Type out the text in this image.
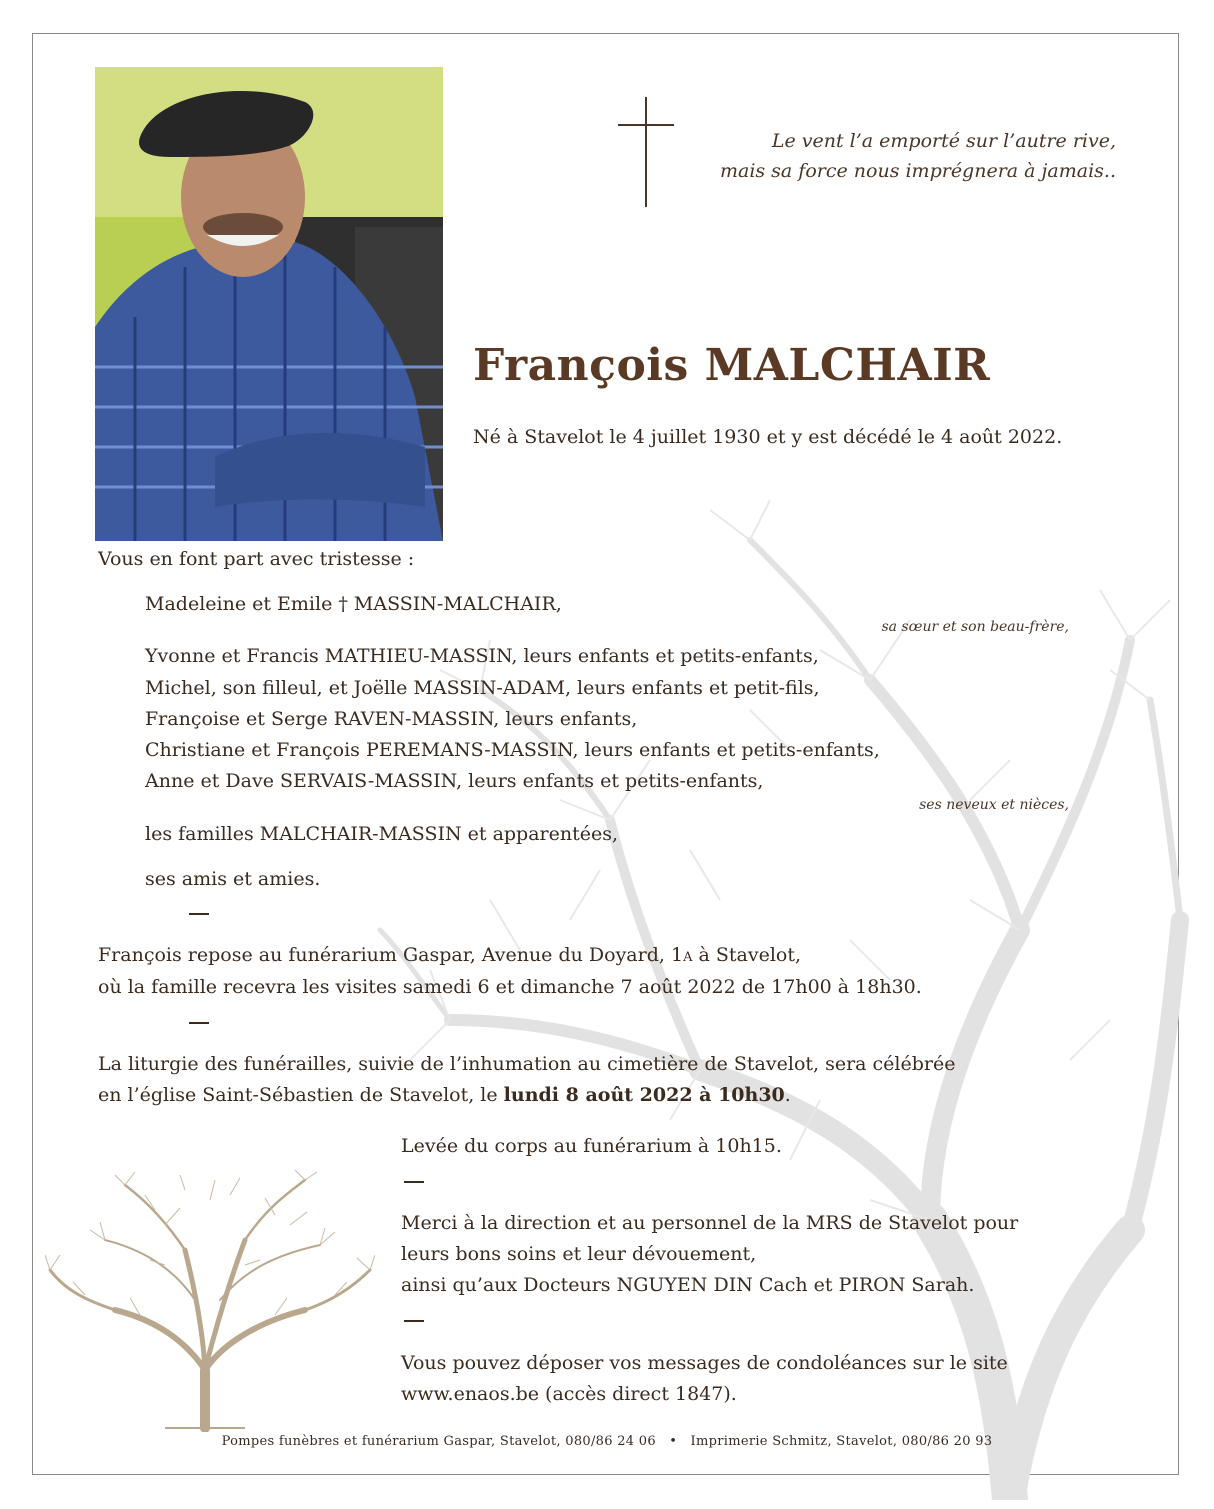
Le vent l’a emporté sur l’autre rive,
mais sa force nous imprégnera à jamais..
François MALCHAIR
Né à Stavelot le 4 juillet 1930 et y est décédé le 4 août 2022.
Vous en font part avec tristesse :
Madeleine et Emile † MASSIN-MALCHAIR,
sa sœur et son beau-frère,
Yvonne et Francis MATHIEU-MASSIN, leurs enfants et petits-enfants,
Michel, son filleul, et Joëlle MASSIN-ADAM, leurs enfants et petit-fils,
Françoise et Serge RAVEN-MASSIN, leurs enfants,
Christiane et François PEREMANS-MASSIN, leurs enfants et petits-enfants,
Anne et Dave SERVAIS-MASSIN, leurs enfants et petits-enfants,
ses neveux et nièces,
les familles MALCHAIR-MASSIN et apparentées,
ses amis et amies.
François repose au funérarium Gaspar, Avenue du Doyard, 1a à Stavelot,
où la famille recevra les visites samedi 6 et dimanche 7 août 2022 de 17h00 à 18h30.
La liturgie des funérailles, suivie de l’inhumation au cimetière de Stavelot, sera célébrée
en l’église Saint-Sébastien de Stavelot, le lundi 8 août 2022 à 10h30.
Levée du corps au funérarium à 10h15.
Merci à la direction et au personnel de la MRS de Stavelot pour
leurs bons soins et leur dévouement,
ainsi qu’aux Docteurs NGUYEN DIN Cach et PIRON Sarah.
Vous pouvez déposer vos messages de condoléances sur le site
www.enaos.be (accès direct 1847).
Pompes funèbres et funérarium Gaspar, Stavelot, 080/86 24 06 • Imprimerie Schmitz, Stavelot, 080/86 20 93
